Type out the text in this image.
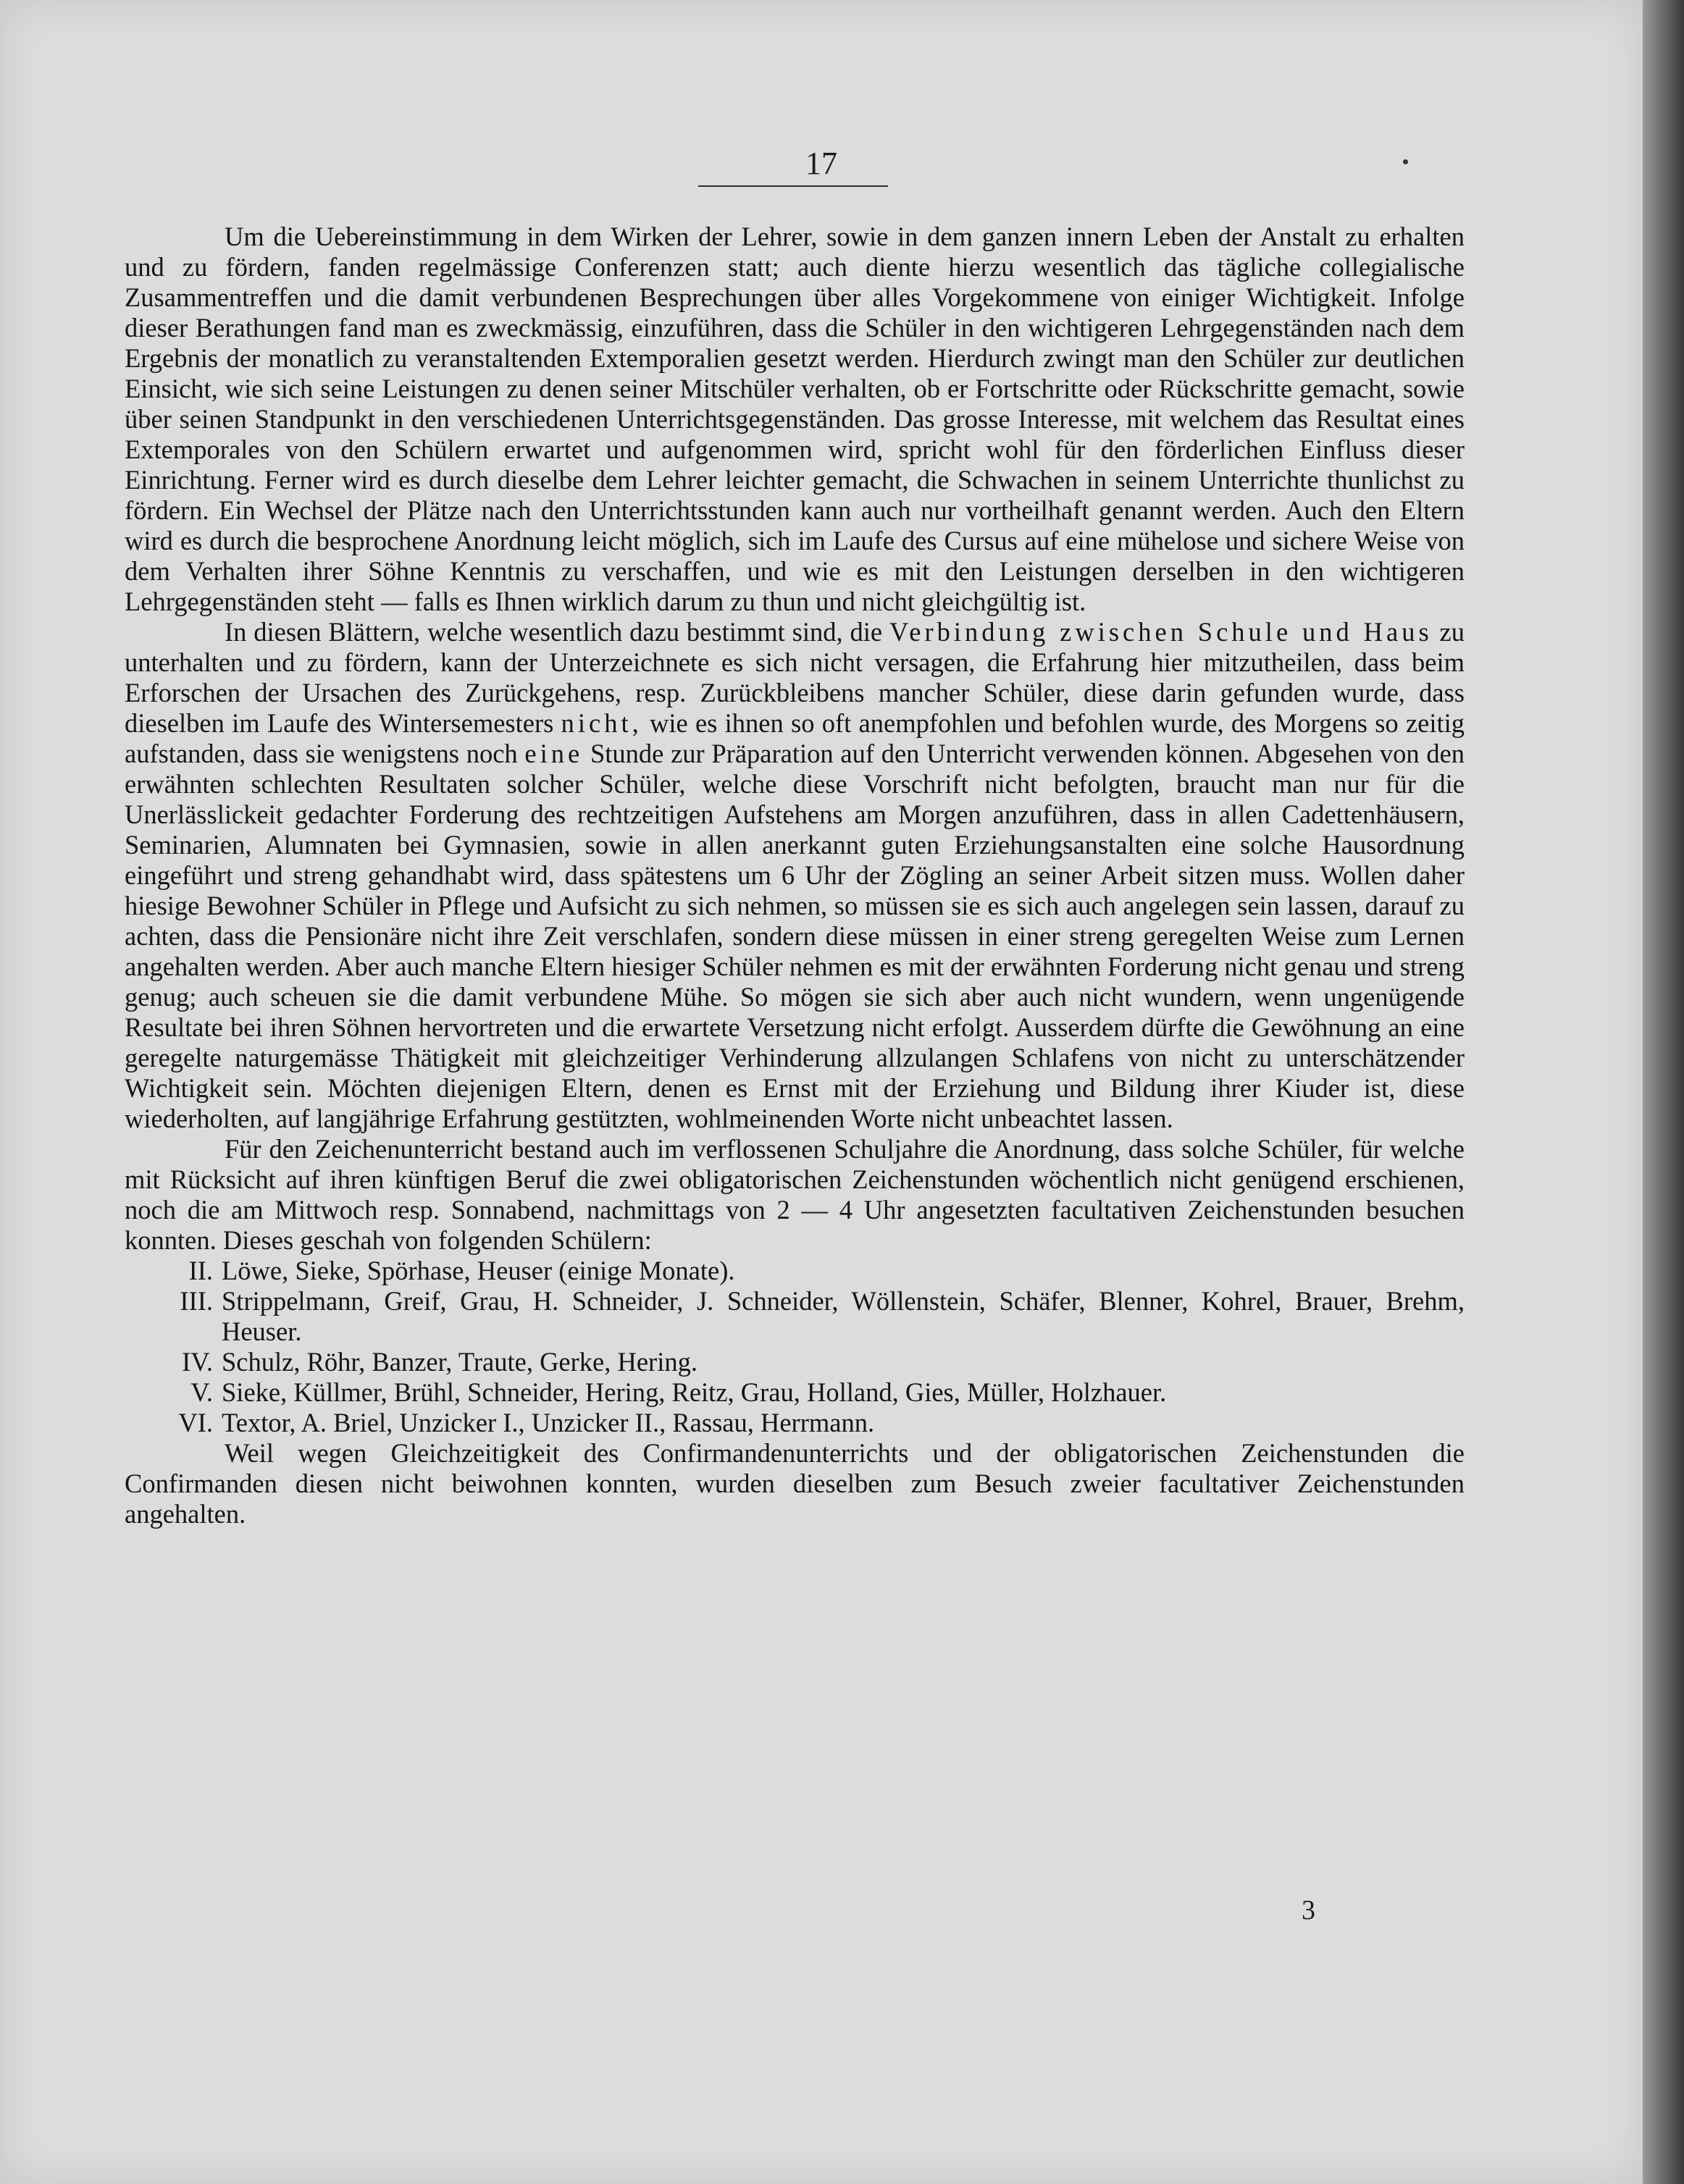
17

Um die Uebereinstimmung in dem Wirken der Lehrer, sowie in dem ganzen innern Leben der Anstalt zu erhalten und zu fördern, fanden regelmässige Conferenzen statt; auch diente hierzu wesentlich das tägliche collegialische Zusammentreffen und die damit verbundenen Besprechungen über alles Vorgekommene von einiger Wichtigkeit. Infolge dieser Berathungen fand man es zweckmässig, einzuführen, dass die Schüler in den wichtigeren Lehrgegenständen nach dem Ergebnis der monatlich zu veranstaltenden Extemporalien gesetzt werden. Hierdurch zwingt man den Schüler zur deutlichen Einsicht, wie sich seine Leistungen zu denen seiner Mitschüler verhalten, ob er Fortschritte oder Rückschritte gemacht, sowie über seinen Standpunkt in den verschiedenen Unterrichtsgegenständen. Das grosse Interesse, mit welchem das Resultat eines Extemporales von den Schülern erwartet und aufgenommen wird, spricht wohl für den förderlichen Einfluss dieser Einrichtung. Ferner wird es durch dieselbe dem Lehrer leichter gemacht, die Schwachen in seinem Unterrichte thunlichst zu fördern. Ein Wechsel der Plätze nach den Unterrichtsstunden kann auch nur vortheilhaft genannt werden. Auch den Eltern wird es durch die besprochene Anordnung leicht möglich, sich im Laufe des Cursus auf eine mühelose und sichere Weise von dem Verhalten ihrer Söhne Kenntnis zu verschaffen, und wie es mit den Leistungen derselben in den wichtigeren Lehrgegenständen steht — falls es Ihnen wirklich darum zu thun und nicht gleichgültig ist.

In diesen Blättern, welche wesentlich dazu bestimmt sind, die Verbindung zwischen Schule und Haus zu unterhalten und zu fördern, kann der Unterzeichnete es sich nicht versagen, die Erfahrung hier mitzutheilen, dass beim Erforschen der Ursachen des Zurückgehens, resp. Zurückbleibens mancher Schüler, diese darin gefunden wurde, dass dieselben im Laufe des Wintersemesters nicht, wie es ihnen so oft anempfohlen und befohlen wurde, des Morgens so zeitig aufstanden, dass sie wenigstens noch eine Stunde zur Präparation auf den Unterricht verwenden können. Abgesehen von den erwähnten schlechten Resultaten solcher Schüler, welche diese Vorschrift nicht befolgten, braucht man nur für die Unerlässlickeit gedachter Forderung des rechtzeitigen Aufstehens am Morgen anzuführen, dass in allen Cadettenhäusern, Seminarien, Alumnaten bei Gymnasien, sowie in allen anerkannt guten Erziehungsanstalten eine solche Hausordnung eingeführt und streng gehandhabt wird, dass spätestens um 6 Uhr der Zögling an seiner Arbeit sitzen muss. Wollen daher hiesige Bewohner Schüler in Pflege und Aufsicht zu sich nehmen, so müssen sie es sich auch angelegen sein lassen, darauf zu achten, dass die Pensionäre nicht ihre Zeit verschlafen, sondern diese müssen in einer streng geregelten Weise zum Lernen angehalten werden. Aber auch manche Eltern hiesiger Schüler nehmen es mit der erwähnten Forderung nicht genau und streng genug; auch scheuen sie die damit verbundene Mühe. So mögen sie sich aber auch nicht wundern, wenn ungenügende Resultate bei ihren Söhnen hervortreten und die erwartete Versetzung nicht erfolgt. Ausserdem dürfte die Gewöhnung an eine geregelte naturgemässe Thätigkeit mit gleichzeitiger Verhinderung allzulangen Schlafens von nicht zu unterschätzender Wichtigkeit sein. Möchten diejenigen Eltern, denen es Ernst mit der Erziehung und Bildung ihrer Kiuder ist, diese wiederholten, auf langjährige Erfahrung gestützten, wohlmeinenden Worte nicht unbeachtet lassen.

Für den Zeichenunterricht bestand auch im verflossenen Schuljahre die Anordnung, dass solche Schüler, für welche mit Rücksicht auf ihren künftigen Beruf die zwei obligatorischen Zeichenstunden wöchentlich nicht genügend erschienen, noch die am Mittwoch resp. Sonnabend, nachmittags von 2 — 4 Uhr angesetzten facultativen Zeichenstunden besuchen konnten. Dieses geschah von folgenden Schülern:

II. Löwe, Sieke, Spörhase, Heuser (einige Monate).
III. Strippelmann, Greif, Grau, H. Schneider, J. Schneider, Wöllenstein, Schäfer, Blenner, Kohrel, Brauer, Brehm, Heuser.
IV. Schulz, Röhr, Banzer, Traute, Gerke, Hering.
V. Sieke, Küllmer, Brühl, Schneider, Hering, Reitz, Grau, Holland, Gies, Müller, Holzhauer.
VI. Textor, A. Briel, Unzicker I., Unzicker II., Rassau, Herrmann.

Weil wegen Gleichzeitigkeit des Confirmandenunterrichts und der obligatorischen Zeichenstunden die Confirmanden diesen nicht beiwohnen konnten, wurden dieselben zum Besuch zweier facultativer Zeichenstunden angehalten.

3
